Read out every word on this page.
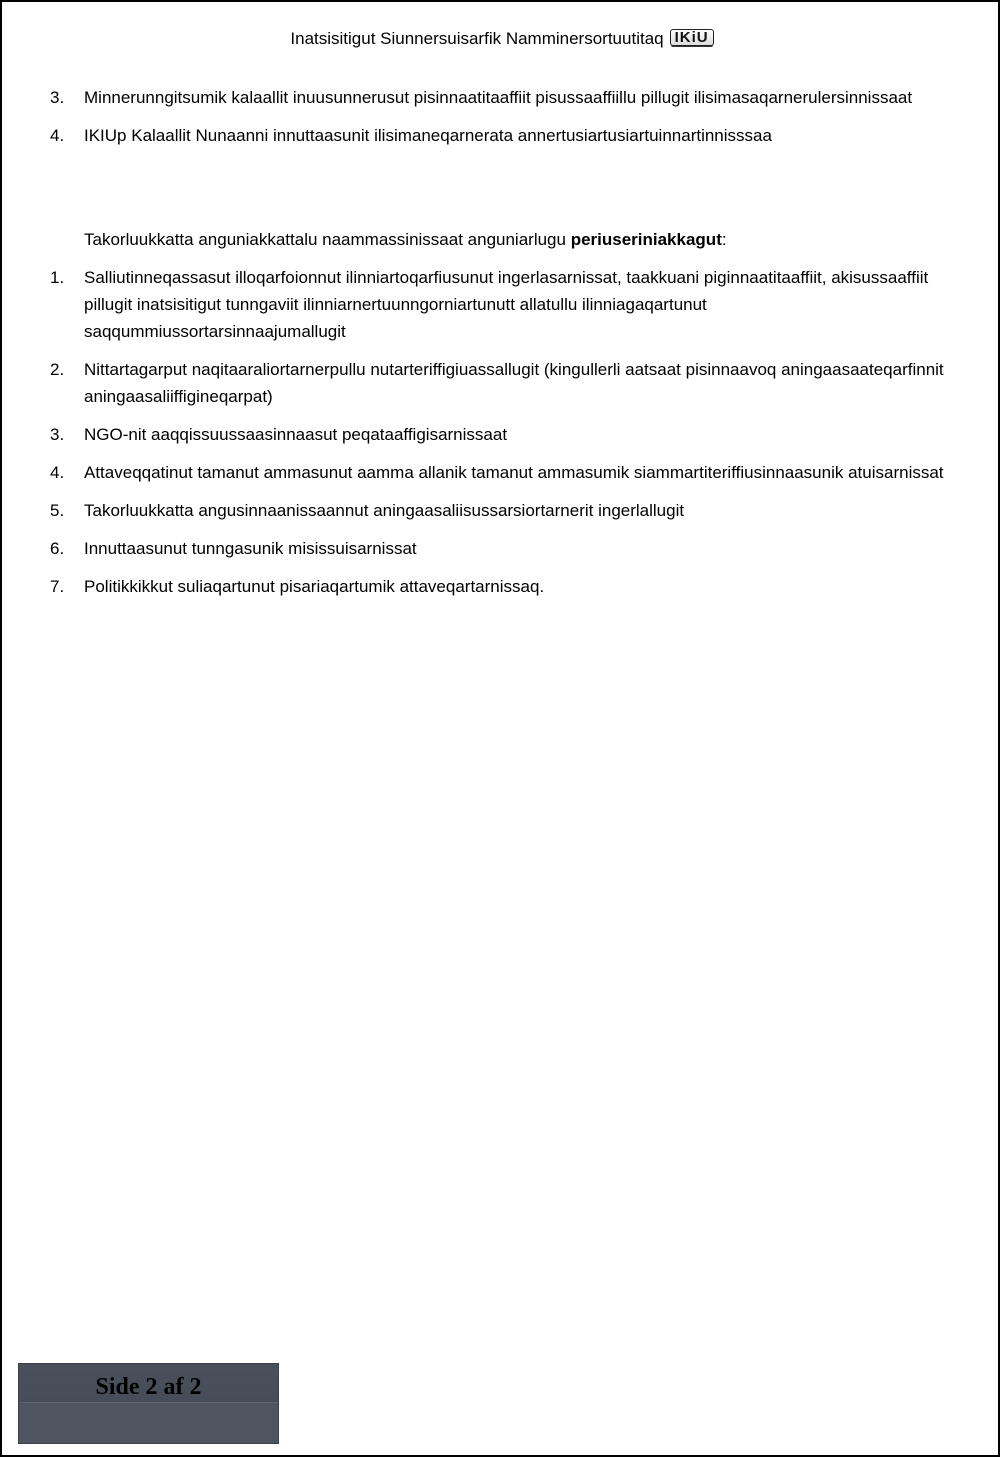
Inatsisitigut Siunnersuisarfik Namminersortuutitaq IKiU
3. Minnerunngitsumik kalaallit inuusunnerusut pisinnaatitaaffiit pisussaaffiillu pillugit ilisimasaqarnerulersinnissaat
4. IKIUp Kalaallit Nunaanni innuttaasunit ilisimaneqarnerata annertusiartusiartuinnartinnisssaa
Takorluukkatta anguniakkattalu naammassinissaat anguniarlugu periuseriniakkagut:
1. Salliutinneqassasut illoqarfoionnut ilinniartoqarfiusunut ingerlasarnissat, taakkuani piginnaatitaaffiit, akisussaaffiit pillugit inatsisitigut tunngaviit ilinniarnertuunngorniartunutt allatullu ilinniagaqartunut saqqummiussortarsinnaajumallugit
2. Nittartagarput naqitaaraliortarnerpullu nutarteriffigiuassallugit (kingullerli aatsaat pisinnaavoq aningaasaateqarfinnit aningaasaliiffigineqarpat)
3. NGO-nit aaqqissuussaasinnaasut peqataaffigisarnissaat
4. Attaveqqatinut tamanut ammasunut aamma allanik tamanut ammasumik siammartiteriffiusinnaasunik atuisarnissat
5. Takorluukkatta angusinnaanissaannut aningaasaliisussarsiortarnerit ingerlallugit
6. Innuttaasunut tunngasunik misissuisarnissat
7. Politikkikkut suliaqartunut pisariaqartumik attaveqartarnissaq.
Side 2 af 2
